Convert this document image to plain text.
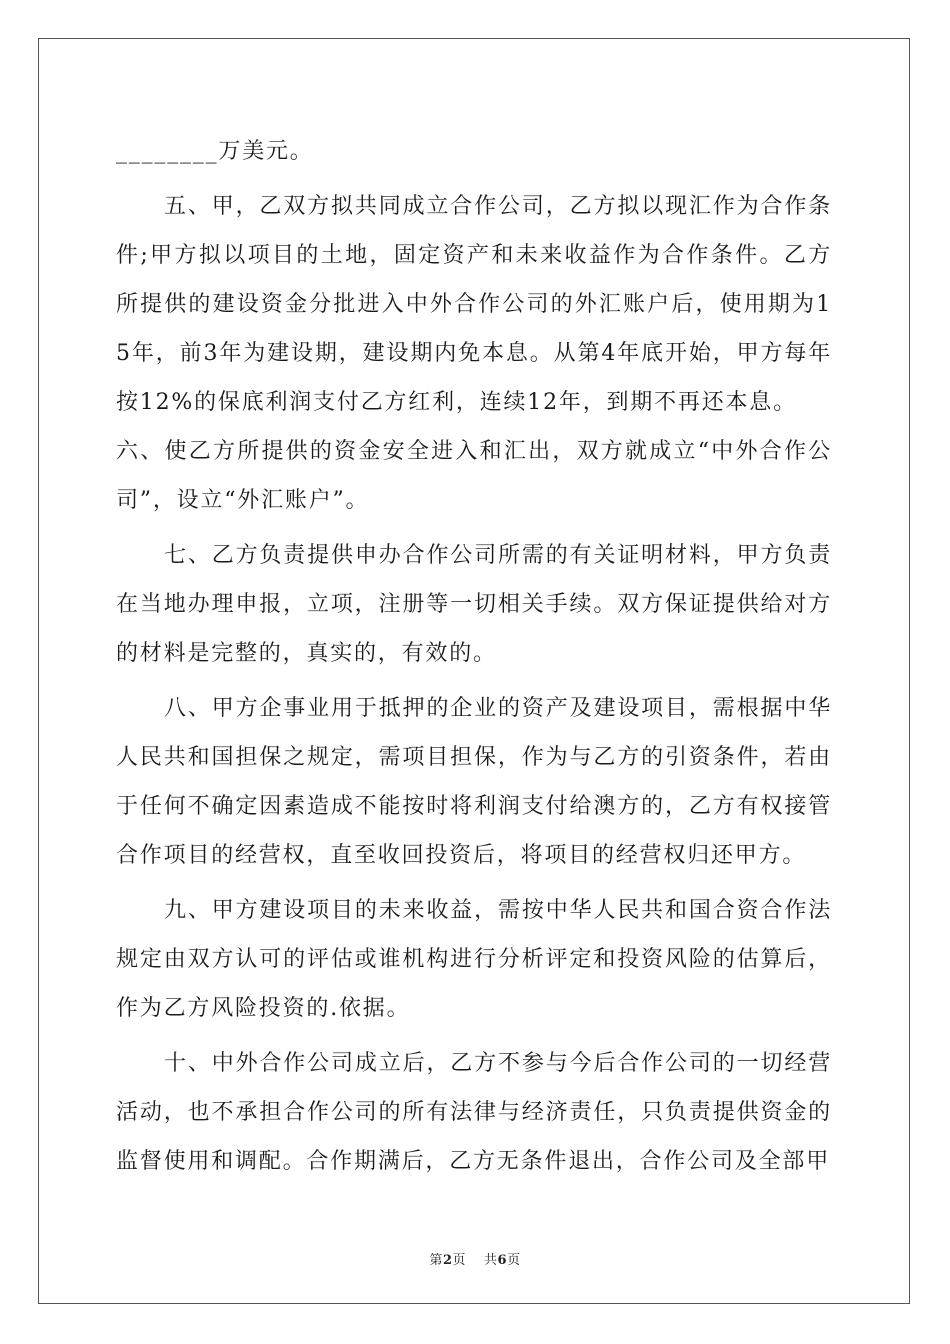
________万美元。

五、甲，乙双方拟共同成立合作公司，乙方拟以现汇作为合作条件;甲方拟以项目的土地，固定资产和未来收益作为合作条件。乙方所提供的建设资金分批进入中外合作公司的外汇账户后，使用期为15年，前3年为建设期，建设期内免本息。从第4年底开始，甲方每年按12%的保底利润支付乙方红利，连续12年，到期不再还本息。

六、使乙方所提供的资金安全进入和汇出，双方就成立“中外合作公司”，设立“外汇账户”。

七、乙方负责提供申办合作公司所需的有关证明材料，甲方负责在当地办理申报，立项，注册等一切相关手续。双方保证提供给对方的材料是完整的，真实的，有效的。

八、甲方企事业用于抵押的企业的资产及建设项目，需根据中华人民共和国担保之规定，需项目担保，作为与乙方的引资条件，若由于任何不确定因素造成不能按时将利润支付给澳方的，乙方有权接管合作项目的经营权，直至收回投资后，将项目的经营权归还甲方。

九、甲方建设项目的未来收益，需按中华人民共和国合资合作法规定由双方认可的评估或谁机构进行分析评定和投资风险的估算后，作为乙方风险投资的.依据。

十、中外合作公司成立后，乙方不参与今后合作公司的一切经营活动，也不承担合作公司的所有法律与经济责任，只负责提供资金的监督使用和调配。合作期满后，乙方无条件退出，合作公司及全部甲

第2页 共6页
